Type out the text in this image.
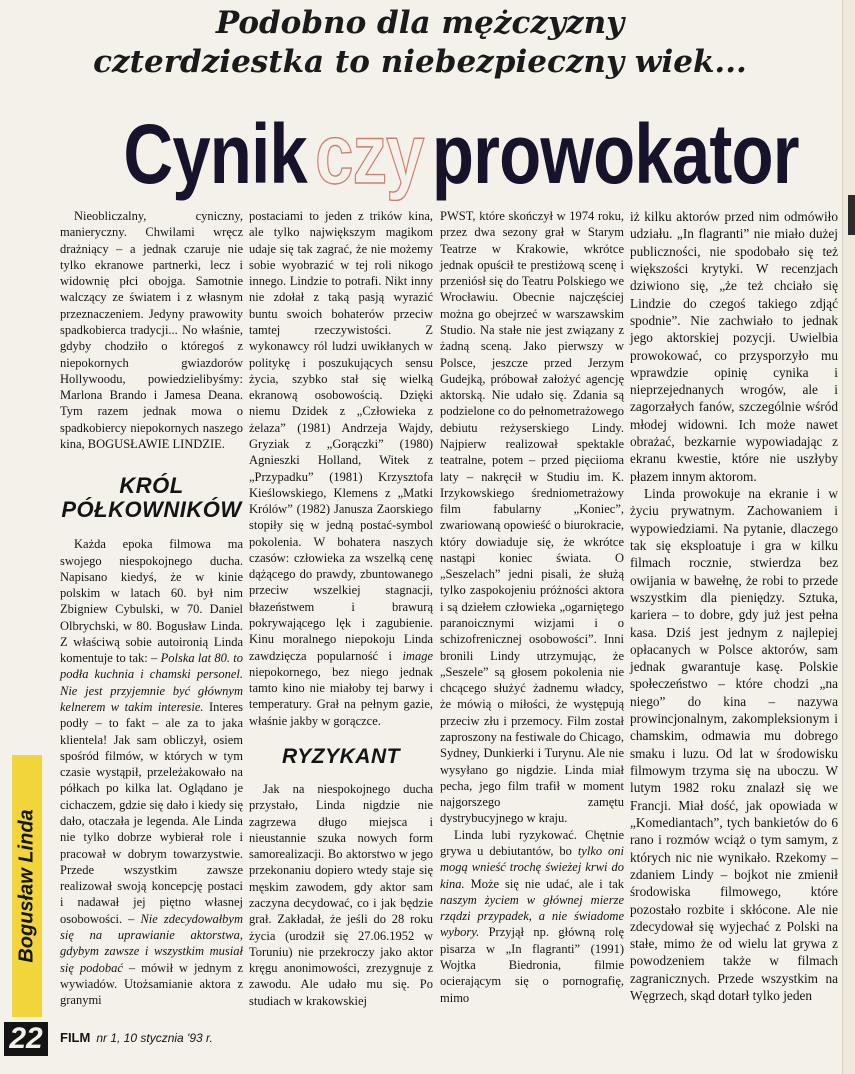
Podobno dla mężczyzny
czterdziestka to niebezpieczny wiek...
Cynikczyprowokator

Nieobliczalny, cyniczny, manieryczny. Chwilami wręcz drażniący – a jednak czaruje nie tylko ekranowe partnerki, lecz i widownię płci obojga. Samotnie walczący ze światem i z własnym przeznaczeniem. Jedyny prawowity spadkobierca tradycji... No właśnie, gdyby chodziło o któregoś z niepokornych gwiazdorów Hollywoodu, powiedzielibyśmy: Marlona Brando i Jamesa Deana. Tym razem jednak mowa o spadkobiercy niepokornych naszego kina, BOGUSŁAWIE LINDZIE.

KRÓL PÓŁKOWNIKÓW

Każda epoka filmowa ma swojego niespokojnego ducha. Napisano kiedyś, że w kinie polskim w latach 60. był nim Zbigniew Cybulski, w 70. Daniel Olbrychski, w 80. Bogusław Linda. Z właściwą sobie autoironią Linda komentuje to tak: – Polska lat 80. to podła kuchnia i chamski personel. Nie jest przyjemnie być głównym kelnerem w takim interesie. Interes podły – to fakt – ale za to jaka klientela! Jak sam obliczył, osiem spośród filmów, w których w tym czasie wystąpił, przeleżakowało na półkach po kilka lat. Oglądano je cichaczem, gdzie się dało i kiedy się dało, otaczała je legenda. Ale Linda nie tylko dobrze wybierał role i pracował w dobrym towarzystwie. Przede wszystkim zawsze realizował swoją koncepcję postaci i nadawał jej piętno własnej osobowości. – Nie zdecydowałbym się na uprawianie aktorstwa, gdybym zawsze i wszystkim musiał się podobać – mówił w jednym z wywiadów. Utożsamianie aktora z granymi

postaciami to jeden z trików kina, ale tylko największym magikom udaje się tak zagrać, że nie możemy sobie wyobrazić w tej roli nikogo innego. Lindzie to potrafi. Nikt inny nie zdołał z taką pasją wyrazić buntu swoich bohaterów przeciw tamtej rzeczywistości. Z wykonawcy ról ludzi uwikłanych w politykę i poszukujących sensu życia, szybko stał się wielką ekranową osobowością. Dzięki niemu Dzidek z „Człowieka z żelaza” (1981) Andrzeja Wajdy, Gryziak z „Gorączki” (1980) Agnieszki Holland, Witek z „Przypadku” (1981) Krzysztofa Kieślowskiego, Klemens z „Matki Królów” (1982) Janusza Zaorskiego stopiły się w jedną postać-symbol pokolenia. W bohatera naszych czasów: człowieka za wszelką cenę dążącego do prawdy, zbuntowanego przeciw wszelkiej stagnacji, błazeństwem i brawurą pokrywającego lęk i zagubienie. Kinu moralnego niepokoju Linda zawdzięcza popularność i image niepokornego, bez niego jednak tamto kino nie miałoby tej barwy i temperatury. Grał na pełnym gazie, właśnie jakby w gorączce.

RYZYKANT

Jak na niespokojnego ducha przystało, Linda nigdzie nie zagrzewa długo miejsca i nieustannie szuka nowych form samorealizacji. Bo aktorstwo w jego przekonaniu dopiero wtedy staje się męskim zawodem, gdy aktor sam zaczyna decydować, co i jak będzie grał. Zakładał, że jeśli do 28 roku życia (urodził się 27.06.1952 w Toruniu) nie przekroczy jako aktor kręgu anonimowości, zrezygnuje z zawodu. Ale udało mu się. Po studiach w krakowskiej

PWST, które skończył w 1974 roku, przez dwa sezony grał w Starym Teatrze w Krakowie, wkrótce jednak opuścił te prestiżową scenę i przeniósł się do Teatru Polskiego we Wrocławiu. Obecnie najczęściej można go obejrzeć w warszawskim Studio. Na stałe nie jest związany z żadną sceną. Jako pierwszy w Polsce, jeszcze przed Jerzym Gudejką, próbował założyć agencję aktorską. Nie udało się. Zdania są podzielone co do pełnometrażowego debiutu reżyserskiego Lindy. Najpierw realizował spektakle teatralne, potem – przed pięciioma laty – nakręcił w Studiu im. K. Irzykowskiego średniometrażowy film fabularny „Koniec”, zwariowaną opowieść o biurokracie, który dowiaduje się, że wkrótce nastąpi koniec świata. O „Seszelach” jedni pisali, że służą tylko zaspokojeniu próżności aktora i są dziełem człowieka „ogarniętego paranoicznymi wizjami i o schizofrenicznej osobowości”. Inni bronili Lindy utrzymując, że „Seszele” są głosem pokolenia nie chcącego służyć żadnemu władcy, że mówią o miłości, że występują przeciw złu i przemocy. Film został zaproszony na festiwale do Chicago, Sydney, Dunkierki i Turynu. Ale nie wysyłano go nigdzie. Linda miał pecha, jego film trafił w moment najgorszego zamętu dystrybucyjnego w kraju.

Linda lubi ryzykować. Chętnie grywa u debiutantów, bo tylko oni mogą wnieść trochę świeżej krwi do kina. Może się nie udać, ale i tak naszym życiem w głównej mierze rządzi przypadek, a nie świadome wybory. Przyjął np. główną rolę pisarza w „In flagranti” (1991) Wojtka Biedronia, filmie ocierającym się o pornografię, mimo

iż kilku aktorów przed nim odmówiło udziału. „In flagranti” nie miało dużej publiczności, nie spodobało się też większości krytyki. W recenzjach dziwiono się, „że też chciało się Lindzie do czegoś takiego zdjąć spodnie”. Nie zachwiało to jednak jego aktorskiej pozycji. Uwielbia prowokować, co przysporzyło mu wprawdzie opinię cynika i nieprzejednanych wrogów, ale i zagorzałych fanów, szczególnie wśród młodej widowni. Ich może nawet obrażać, bezkarnie wypowiadając z ekranu kwestie, które nie uszłyby płazem innym aktorom.

Linda prowokuje na ekranie i w życiu prywatnym. Zachowaniem i wypowiedziami. Na pytanie, dlaczego tak się eksploatuje i gra w kilku filmach rocznie, stwierdza bez owijania w bawełnę, że robi to przede wszystkim dla pieniędzy. Sztuka, kariera – to dobre, gdy już jest pełna kasa. Dziś jest jednym z najlepiej opłacanych w Polsce aktorów, sam jednak gwarantuje kasę. Polskie społeczeństwo – które chodzi „na niego” do kina – nazywa prowincjonalnym, zakompleksionym i chamskim, odmawia mu dobrego smaku i luzu. Od lat w środowisku filmowym trzyma się na uboczu. W lutym 1982 roku znalazł się we Francji. Miał dość, jak opowiada w „Komediantach”, tych bankietów do 6 rano i rozmów wciąż o tym samym, z których nic nie wynikało. Rzekomy – zdaniem Lindy – bojkot nie zmienił środowiska filmowego, które pozostało rozbite i skłócone. Ale nie zdecydował się wyjechać z Polski na stałe, mimo że od wielu lat grywa z powodzeniem także w filmach zagranicznych. Przede wszystkim na Węgrzech, skąd dotarł tylko jeden

Bogusław Linda
22	FILM nr 1, 10 stycznia '93 r.
